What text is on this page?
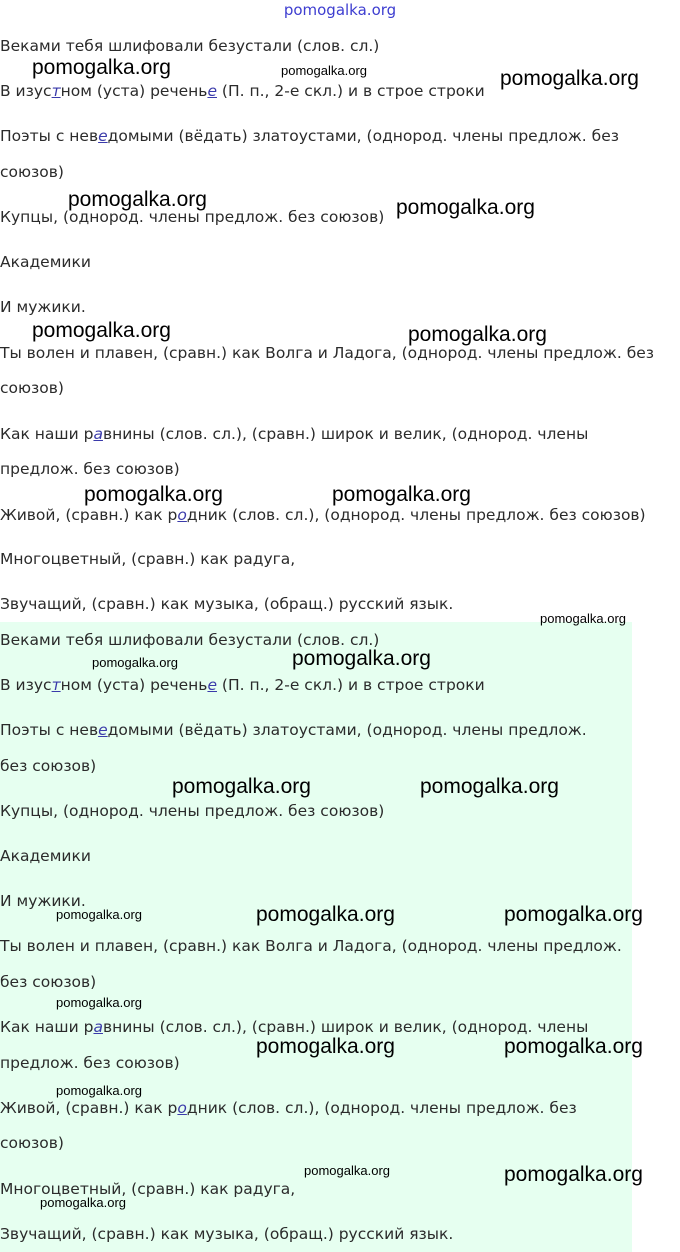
pomogalka.org

Веками тебя шлифовали безустали (слов. сл.)

В изустном (уста) реченье (П. п., 2-е скл.) и в строе строки

Поэты с неведомыми (вёдать) златоустами, (однород. члены предлож. без

союзов)

Купцы, (однород. члены предлож. без союзов)

Академики

И мужики.

Ты волен и плавен, (сравн.) как Волга и Ладога, (однород. члены предлож. без

союзов)

Как наши равнины (слов. сл.), (сравн.) широк и велик, (однород. члены

предлож. без союзов)

Живой, (сравн.) как родник (слов. сл.), (однород. члены предлож. без союзов)

Многоцветный, (сравн.) как радуга,

Звучащий, (сравн.) как музыка, (обращ.) русский язык.

Веками тебя шлифовали безустали (слов. сл.)

В изустном (уста) реченье (П. п., 2-е скл.) и в строе строки

Поэты с неведомыми (вёдать) златоустами, (однород. члены предлож.

без союзов)

Купцы, (однород. члены предлож. без союзов)

Академики

И мужики.

Ты волен и плавен, (сравн.) как Волга и Ладога, (однород. члены предлож.

без союзов)

Как наши равнины (слов. сл.), (сравн.) широк и велик, (однород. члены

предлож. без союзов)

Живой, (сравн.) как родник (слов. сл.), (однород. члены предлож. без

союзов)

Многоцветный, (сравн.) как радуга,

Звучащий, (сравн.) как музыка, (обращ.) русский язык.

pomogalka.org	pomogalka.org	pomogalka.org
pomogalka.org	pomogalka.org
pomogalka.org	pomogalka.org
pomogalka.org	pomogalka.org
pomogalka.org
pomogalka.org	pomogalka.org
pomogalka.org	pomogalka.org
pomogalka.org	pomogalka.org	pomogalka.org
pomogalka.org
pomogalka.org	pomogalka.org
pomogalka.org
pomogalka.org	pomogalka.org
pomogalka.org
